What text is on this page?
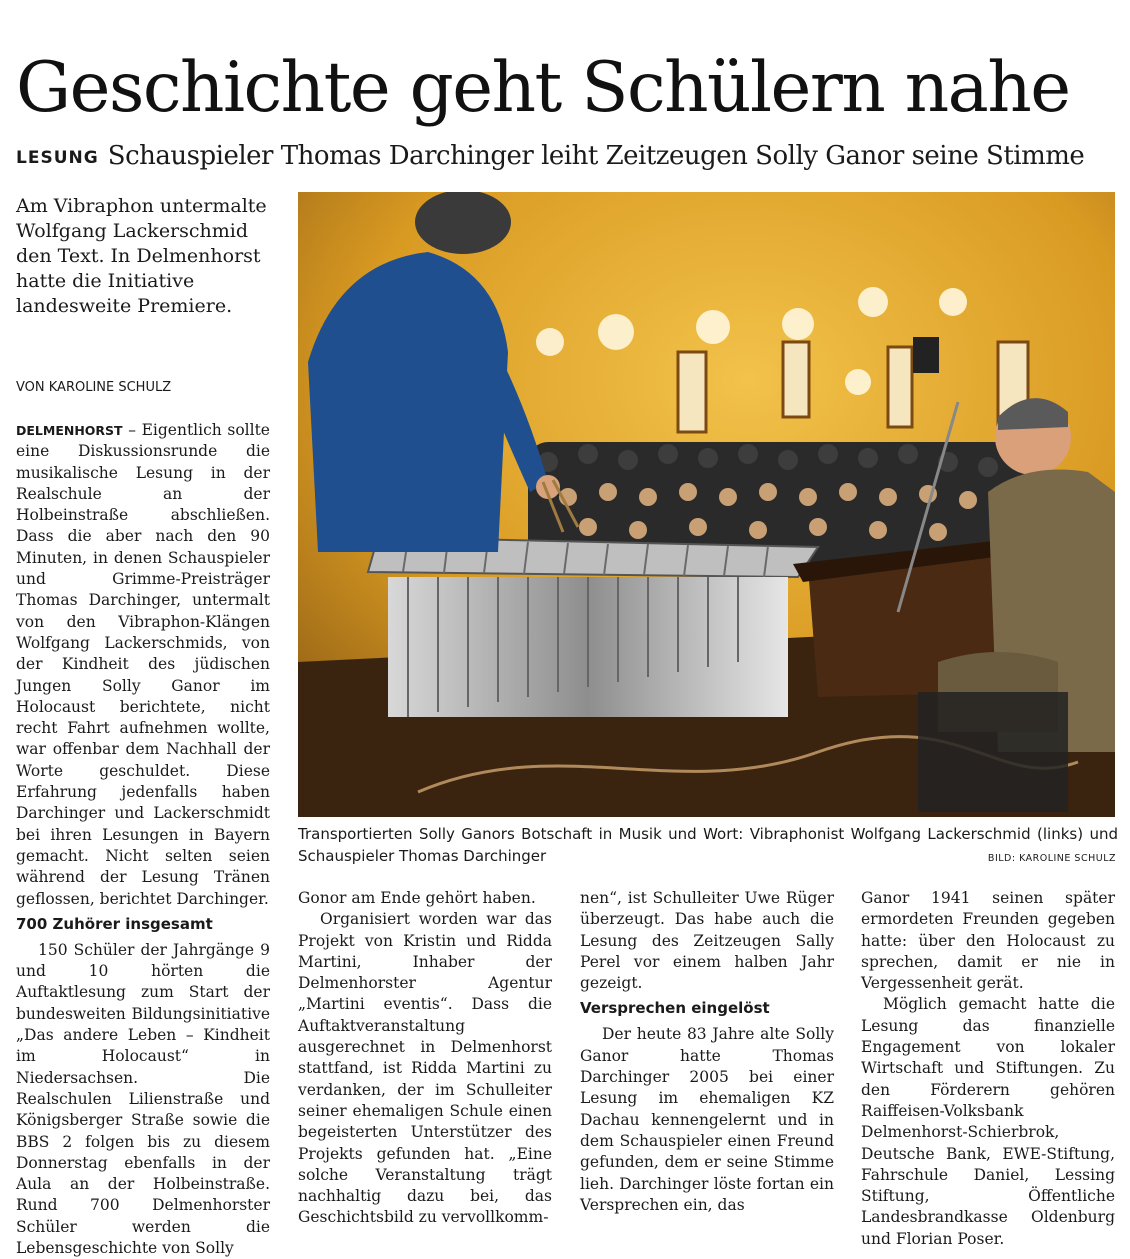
Geschichte geht Schülern nahe
LESUNG Schauspieler Thomas Darchinger leiht Zeitzeugen Solly Ganor seine Stimme

Am Vibraphon untermalte Wolfgang Lackerschmid den Text. In Delmenhorst hatte die Initiative landesweite Premiere.

VON KAROLINE SCHULZ

DELMENHORST – Eigentlich sollte eine Diskussionsrunde die musikalische Lesung in der Realschule an der Holbeinstraße abschließen. Dass die aber nach den 90 Minuten, in denen Schauspieler und Grimme-Preisträger Thomas Darchinger, untermalt von den Vibraphon-Klängen Wolfgang Lackerschmids, von der Kindheit des jüdischen Jungen Solly Ganor im Holocaust berichtete, nicht recht Fahrt aufnehmen wollte, war offenbar dem Nachhall der Worte geschuldet. Diese Erfahrung jedenfalls haben Darchinger und Lackerschmidt bei ihren Lesungen in Bayern gemacht. Nicht selten seien während der Lesung Tränen geflossen, berichtet Darchinger.

700 Zuhörer insgesamt

150 Schüler der Jahrgänge 9 und 10 hörten die Auftaktlesung zum Start der bundesweiten Bildungsinitiative „Das andere Leben – Kindheit im Holocaust“ in Niedersachsen. Die Realschulen Lilienstraße und Königsberger Straße sowie die BBS 2 folgen bis zu diesem Donnerstag ebenfalls in der Aula an der Holbeinstraße. Rund 700 Delmenhorster Schüler werden die Lebensgeschichte von Solly

Transportierten Solly Ganors Botschaft in Musik und Wort: Vibraphonist Wolfgang Lackerschmid (links) und Schauspieler Thomas Darchinger	BILD: KAROLINE SCHULZ

Gonor am Ende gehört haben.

Organisiert worden war das Projekt von Kristin und Ridda Martini, Inhaber der Delmenhorster Agentur „Martini eventis“. Dass die Auftaktveranstaltung ausgerechnet in Delmenhorst stattfand, ist Ridda Martini zu verdanken, der im Schulleiter seiner ehemaligen Schule einen begeisterten Unterstützer des Projekts gefunden hat. „Eine solche Veranstaltung trägt nachhaltig dazu bei, das Geschichtsbild zu vervollkomm-

nen“, ist Schulleiter Uwe Rüger überzeugt. Das habe auch die Lesung des Zeitzeugen Sally Perel vor einem halben Jahr gezeigt.

Versprechen eingelöst

Der heute 83 Jahre alte Solly Ganor hatte Thomas Darchinger 2005 bei einer Lesung im ehemaligen KZ Dachau kennengelernt und in dem Schauspieler einen Freund gefunden, dem er seine Stimme lieh. Darchinger löste fortan ein Versprechen ein, das

Ganor 1941 seinen später ermordeten Freunden gegeben hatte: über den Holocaust zu sprechen, damit er nie in Vergessenheit gerät.

Möglich gemacht hatte die Lesung das finanzielle Engagement von lokaler Wirtschaft und Stiftungen. Zu den Förderern gehören Raiffeisen-Volksbank Delmenhorst-Schierbrok, Deutsche Bank, EWE-Stiftung, Fahrschule Daniel, Lessing Stiftung, Öffentliche Landesbrandkasse Oldenburg und Florian Poser.
